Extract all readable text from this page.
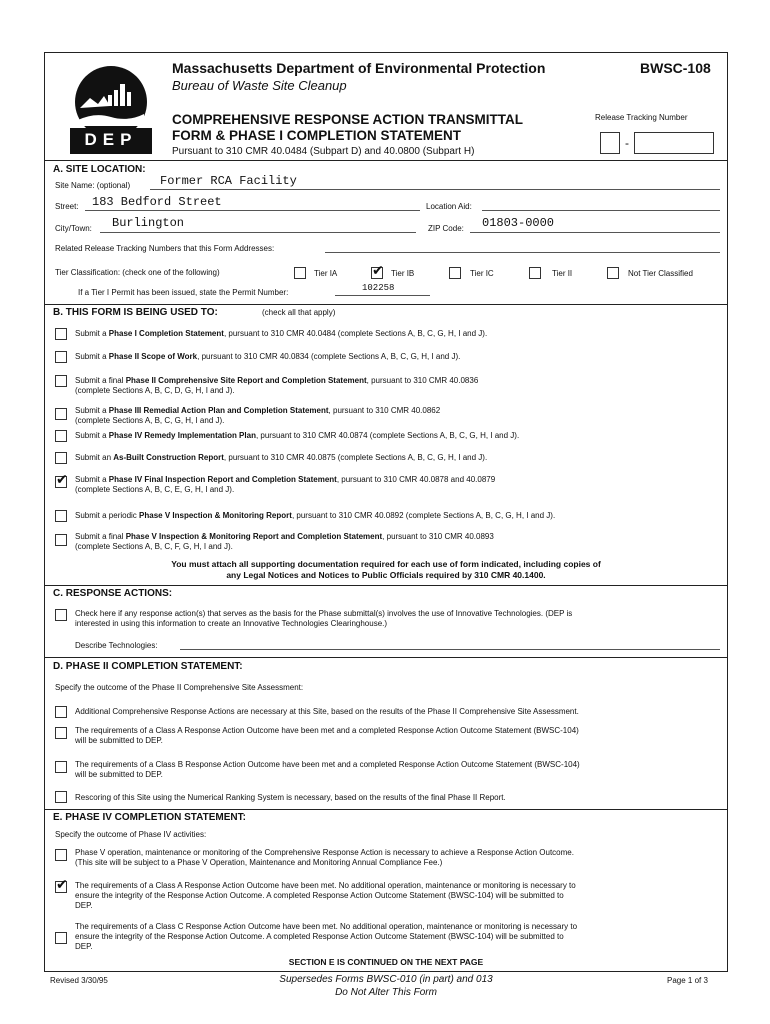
DEP
Massachusetts Department of Environmental Protection
Bureau of Waste Site Cleanup
BWSC-108
COMPREHENSIVE RESPONSE ACTION TRANSMITTAL
FORM & PHASE I COMPLETION STATEMENT
Pursuant to 310 CMR 40.0484 (Subpart D) and 40.0800 (Subpart H)
Release Tracking Number
-
A. SITE LOCATION:
Site Name: (optional) Former RCA Facility
Street: 183 Bedford Street	Location Aid:
City/Town: Burlington	ZIP Code: 01803-0000
Related Release Tracking Numbers that this Form Addresses:
Tier Classification: (check one of the following)	Tier IA
✔	Tier IB	Tier IC	Tier II	Not Tier Classified
If a Tier I Permit has been issued, state the Permit Number:	102258
B. THIS FORM IS BEING USED TO:	(check all that apply)
Submit a Phase I Completion Statement, pursuant to 310 CMR 40.0484 (complete Sections A, B, C, G, H, I and J).
Submit a Phase II Scope of Work, pursuant to 310 CMR 40.0834 (complete Sections A, B, C, G, H, I and J).
Submit a final Phase II Comprehensive Site Report and Completion Statement, pursuant to 310 CMR 40.0836
(complete Sections A, B, C, D, G, H, I and J).
Submit a Phase III Remedial Action Plan and Completion Statement, pursuant to 310 CMR 40.0862
(complete Sections A, B, C, G, H, I and J).
Submit a Phase IV Remedy Implementation Plan, pursuant to 310 CMR 40.0874 (complete Sections A, B, C, G, H, I and J).
Submit an As-Built Construction Report, pursuant to 310 CMR 40.0875 (complete Sections A, B, C, G, H, I and J).
✔
Submit a Phase IV Final Inspection Report and Completion Statement, pursuant to 310 CMR 40.0878 and 40.0879
(complete Sections A, B, C, E, G, H, I and J).
Submit a periodic Phase V Inspection & Monitoring Report, pursuant to 310 CMR 40.0892 (complete Sections A, B, C, G, H, I and J).
Submit a final Phase V Inspection & Monitoring Report and Completion Statement, pursuant to 310 CMR 40.0893
(complete Sections A, B, C, F, G, H, I and J).
You must attach all supporting documentation required for each use of form indicated, including copies of
any Legal Notices and Notices to Public Officials required by 310 CMR 40.1400.
C. RESPONSE ACTIONS:
Check here if any response action(s) that serves as the basis for the Phase submittal(s) involves the use of Innovative Technologies. (DEP is
interested in using this information to create an Innovative Technologies Clearinghouse.)
Describe Technologies:
D. PHASE II COMPLETION STATEMENT:
Specify the outcome of the Phase II Comprehensive Site Assessment:
Additional Comprehensive Response Actions are necessary at this Site, based on the results of the Phase II Comprehensive Site Assessment.
The requirements of a Class A Response Action Outcome have been met and a completed Response Action Outcome Statement (BWSC-104)
will be submitted to DEP.
The requirements of a Class B Response Action Outcome have been met and a completed Response Action Outcome Statement (BWSC-104)
will be submitted to DEP.
Rescoring of this Site using the Numerical Ranking System is necessary, based on the results of the final Phase II Report.
E. PHASE IV COMPLETION STATEMENT:
Specify the outcome of Phase IV activities:
Phase V operation, maintenance or monitoring of the Comprehensive Response Action is necessary to achieve a Response Action Outcome.
(This site will be subject to a Phase V Operation, Maintenance and Monitoring Annual Compliance Fee.)
✔
The requirements of a Class A Response Action Outcome have been met. No additional operation, maintenance or monitoring is necessary to
ensure the integrity of the Response Action Outcome. A completed Response Action Outcome Statement (BWSC-104) will be submitted to
DEP.
The requirements of a Class C Response Action Outcome have been met. No additional operation, maintenance or monitoring is necessary to
ensure the integrity of the Response Action Outcome. A completed Response Action Outcome Statement (BWSC-104) will be submitted to
DEP.
SECTION E IS CONTINUED ON THE NEXT PAGE
Revised 3/30/95	Supersedes Forms BWSC-010 (in part) and 013
Do Not Alter This Form
Page 1 of 3
